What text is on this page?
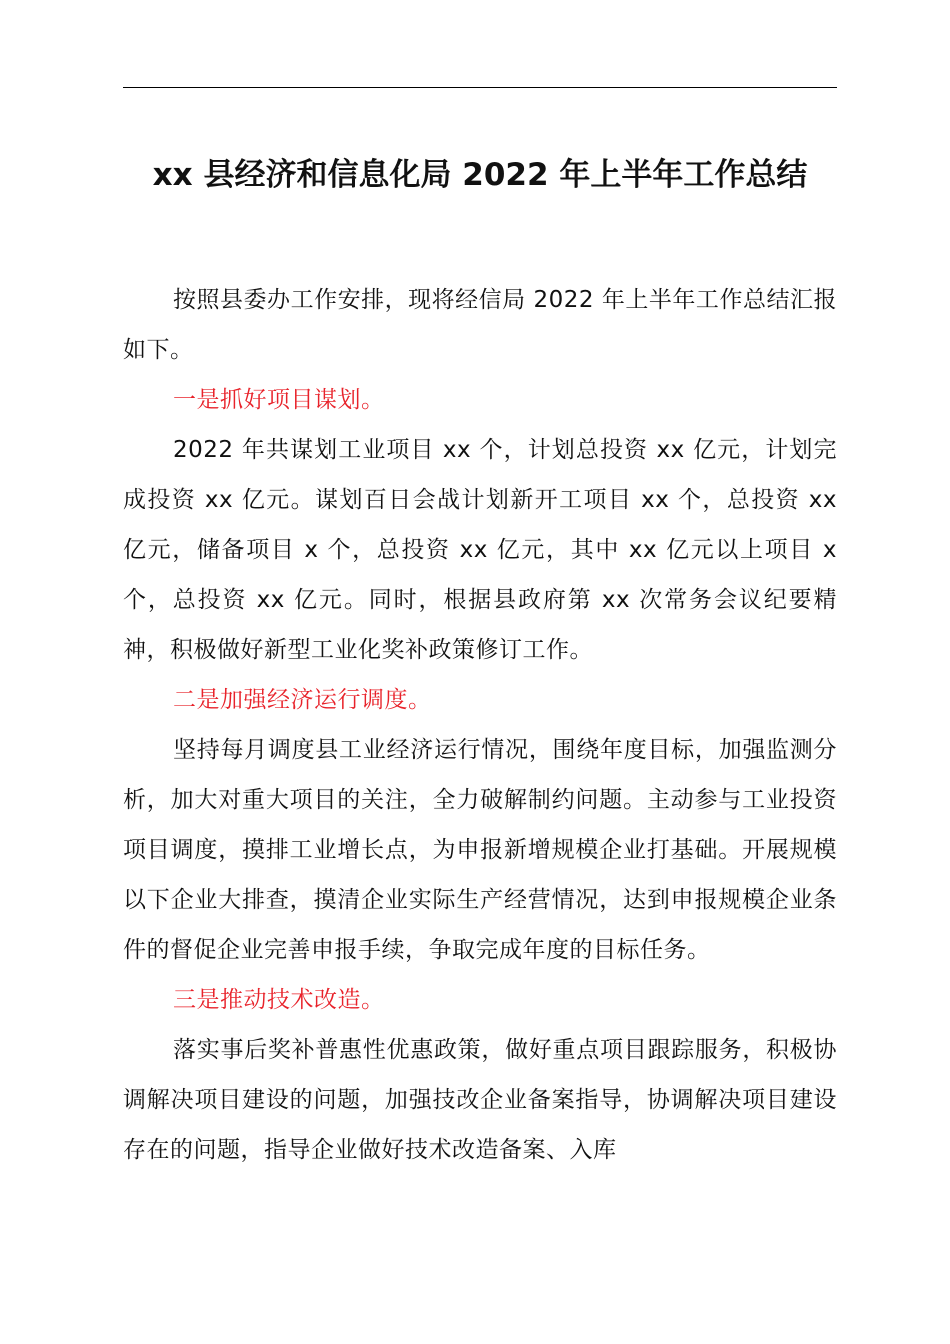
xx 县经济和信息化局 2022 年上半年工作总结

按照县委办工作安排，现将经信局 2022 年上半年工作总结汇报如下。

一是抓好项目谋划。

2022 年共谋划工业项目 xx 个，计划总投资 xx 亿元，计划完成投资 xx 亿元。谋划百日会战计划新开工项目 xx 个，总投资 xx 亿元，储备项目 x 个，总投资 xx 亿元，其中 xx 亿元以上项目 x 个，总投资 xx 亿元。同时，根据县政府第 xx 次常务会议纪要精神，积极做好新型工业化奖补政策修订工作。

二是加强经济运行调度。

坚持每月调度县工业经济运行情况，围绕年度目标，加强监测分析，加大对重大项目的关注，全力破解制约问题。主动参与工业投资项目调度，摸排工业增长点，为申报新增规模企业打基础。开展规模以下企业大排查，摸清企业实际生产经营情况，达到申报规模企业条件的督促企业完善申报手续，争取完成年度的目标任务。

三是推动技术改造。

落实事后奖补普惠性优惠政策，做好重点项目跟踪服务，积极协调解决项目建设的问题，加强技改企业备案指导，协调解决项目建设存在的问题，指导企业做好技术改造备案、入库
